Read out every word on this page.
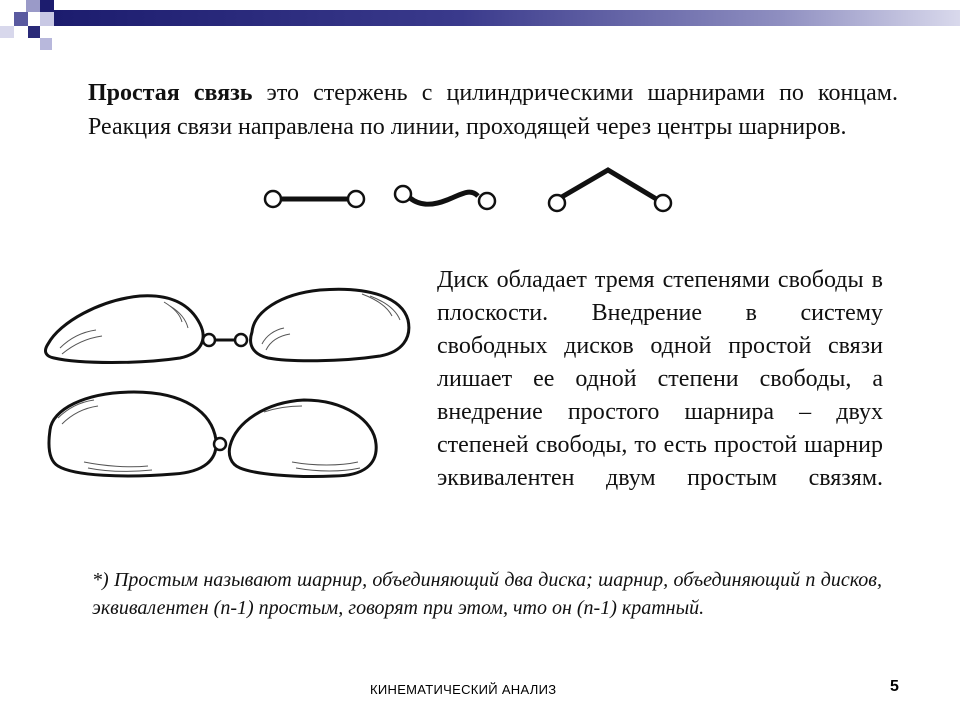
Простая связь это стержень с цилиндрическими шарнирами по концам. Реакция связи направлена по линии, проходящей через центры шарниров.
Диск обладает тремя степенями свободы в плоскости. Внедрение в систему свободных дисков одной простой связи лишает ее одной степени свободы, а внедрение простого шарнира – двух степеней свободы, то есть простой шарнир эквивалентен двум простым связям.
*) Простым называют шарнир, объединяющий два диска; шарнир, объединяющий n дисков, эквивалентен (n-1) простым, говорят при этом, что он (n-1) кратный.
КИНЕМАТИЧЕСКИЙ АНАЛИЗ	5
